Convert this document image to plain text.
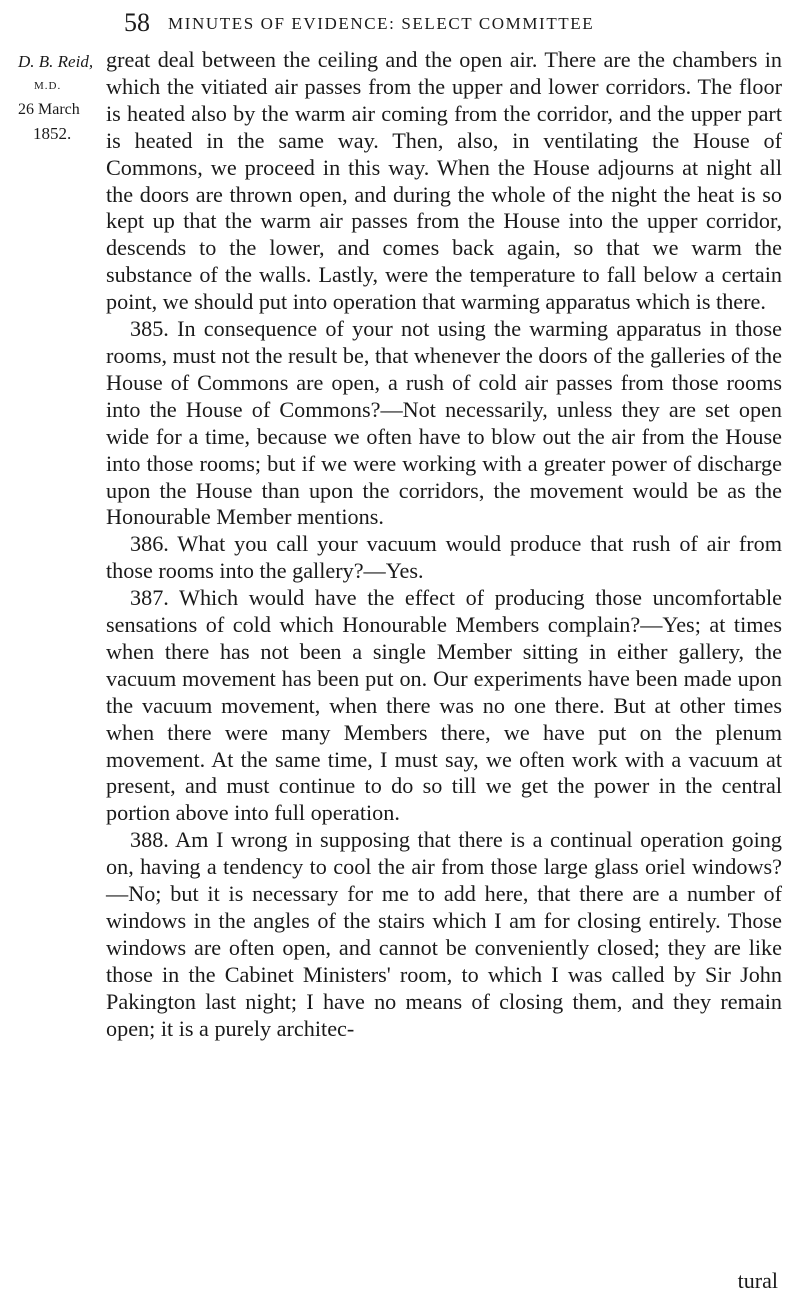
58 MINUTES OF EVIDENCE: SELECT COMMITTEE
D. B. Reid,
M.D.
26 March
1852.

great deal between the ceiling and the open air. There are the chambers in which the vitiated air passes from the upper and lower corridors. The floor is heated also by the warm air coming from the corridor, and the upper part is heated in the same way. Then, also, in ventilating the House of Commons, we proceed in this way. When the House adjourns at night all the doors are thrown open, and during the whole of the night the heat is so kept up that the warm air passes from the House into the upper corridor, descends to the lower, and comes back again, so that we warm the substance of the walls. Lastly, were the temperature to fall below a certain point, we should put into operation that warming apparatus which is there.

385. In consequence of your not using the warming apparatus in those rooms, must not the result be, that whenever the doors of the galleries of the House of Commons are open, a rush of cold air passes from those rooms into the House of Commons?—Not necessarily, unless they are set open wide for a time, because we often have to blow out the air from the House into those rooms; but if we were working with a greater power of discharge upon the House than upon the corridors, the movement would be as the Honourable Member mentions.

386. What you call your vacuum would produce that rush of air from those rooms into the gallery?—Yes.

387. Which would have the effect of producing those uncomfortable sensations of cold which Honourable Members complain?—Yes; at times when there has not been a single Member sitting in either gallery, the vacuum movement has been put on. Our experiments have been made upon the vacuum movement, when there was no one there. But at other times when there were many Members there, we have put on the plenum movement. At the same time, I must say, we often work with a vacuum at present, and must continue to do so till we get the power in the central portion above into full operation.

388. Am I wrong in supposing that there is a continual operation going on, having a tendency to cool the air from those large glass oriel windows?—No; but it is necessary for me to add here, that there are a number of windows in the angles of the stairs which I am for closing entirely. Those windows are often open, and cannot be conveniently closed; they are like those in the Cabinet Ministers' room, to which I was called by Sir John Pakington last night; I have no means of closing them, and they remain open; it is a purely architec-

tural
